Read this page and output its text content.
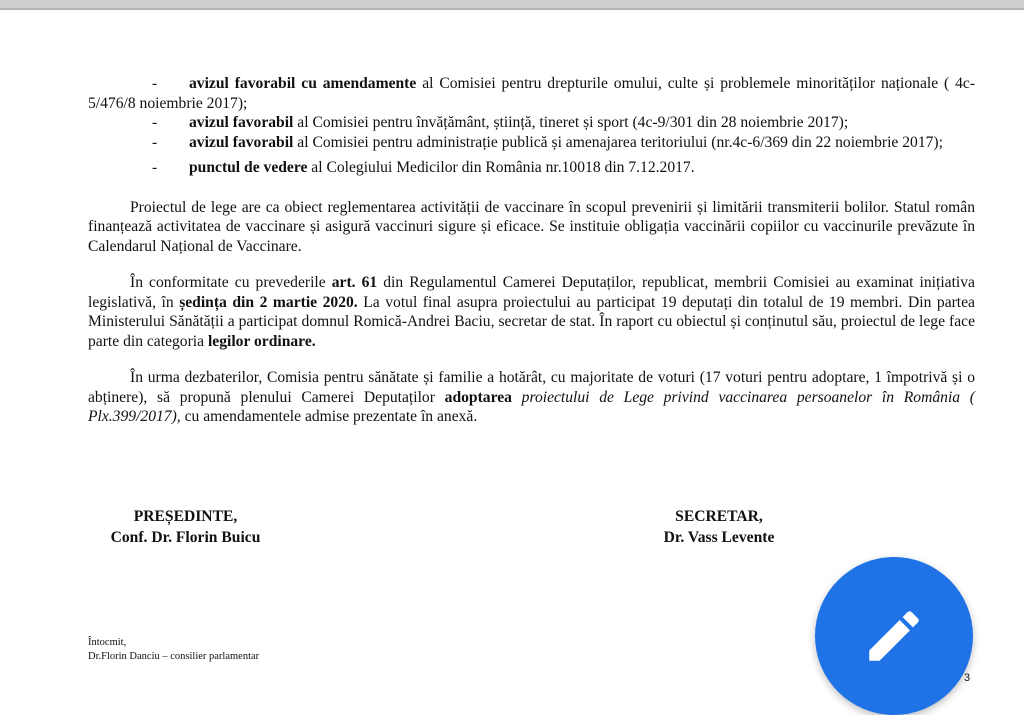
-	avizul favorabil cu amendamente al Comisiei pentru drepturile omului, culte și problemele minorităților naționale ( 4c-5/476/8 noiembrie 2017);
-	avizul favorabil al Comisiei pentru învățământ, știință, tineret și sport (4c-9/301 din 28 noiembrie 2017);
-	avizul favorabil al Comisiei pentru administrație publică și amenajarea teritoriului (nr.4c-6/369 din 22 noiembrie 2017);
-	punctul de vedere al Colegiului Medicilor din România nr.10018 din 7.12.2017.

Proiectul de lege are ca obiect reglementarea activității de vaccinare în scopul prevenirii și limitării transmiterii bolilor. Statul român finanțează activitatea de vaccinare și asigură vaccinuri sigure și eficace. Se instituie obligația vaccinării copiilor cu vaccinurile prevăzute în Calendarul Național de Vaccinare.

În conformitate cu prevederile art. 61 din Regulamentul Camerei Deputaților, republicat, membrii Comisiei au examinat inițiativa legislativă, în ședința din 2 martie 2020. La votul final asupra proiectului au participat 19 deputați din totalul de 19 membri. Din partea Ministerului Sănătății a participat domnul Romică-Andrei Baciu, secretar de stat. În raport cu obiectul și conținutul său, proiectul de lege face parte din categoria legilor ordinare.

În urma dezbaterilor, Comisia pentru sănătate și familie a hotărât, cu majoritate de voturi (17 voturi pentru adoptare, 1 împotrivă și o abținere), să propună plenului Camerei Deputaților adoptarea proiectului de Lege privind vaccinarea persoanelor în România ( Plx.399/2017), cu amendamentele admise prezentate în anexă.

PREȘEDINTE,
Conf. Dr. Florin Buicu
SECRETAR,
Dr. Vass Levente
Întocmit,
Dr.Florin Danciu – consilier parlamentar
3
